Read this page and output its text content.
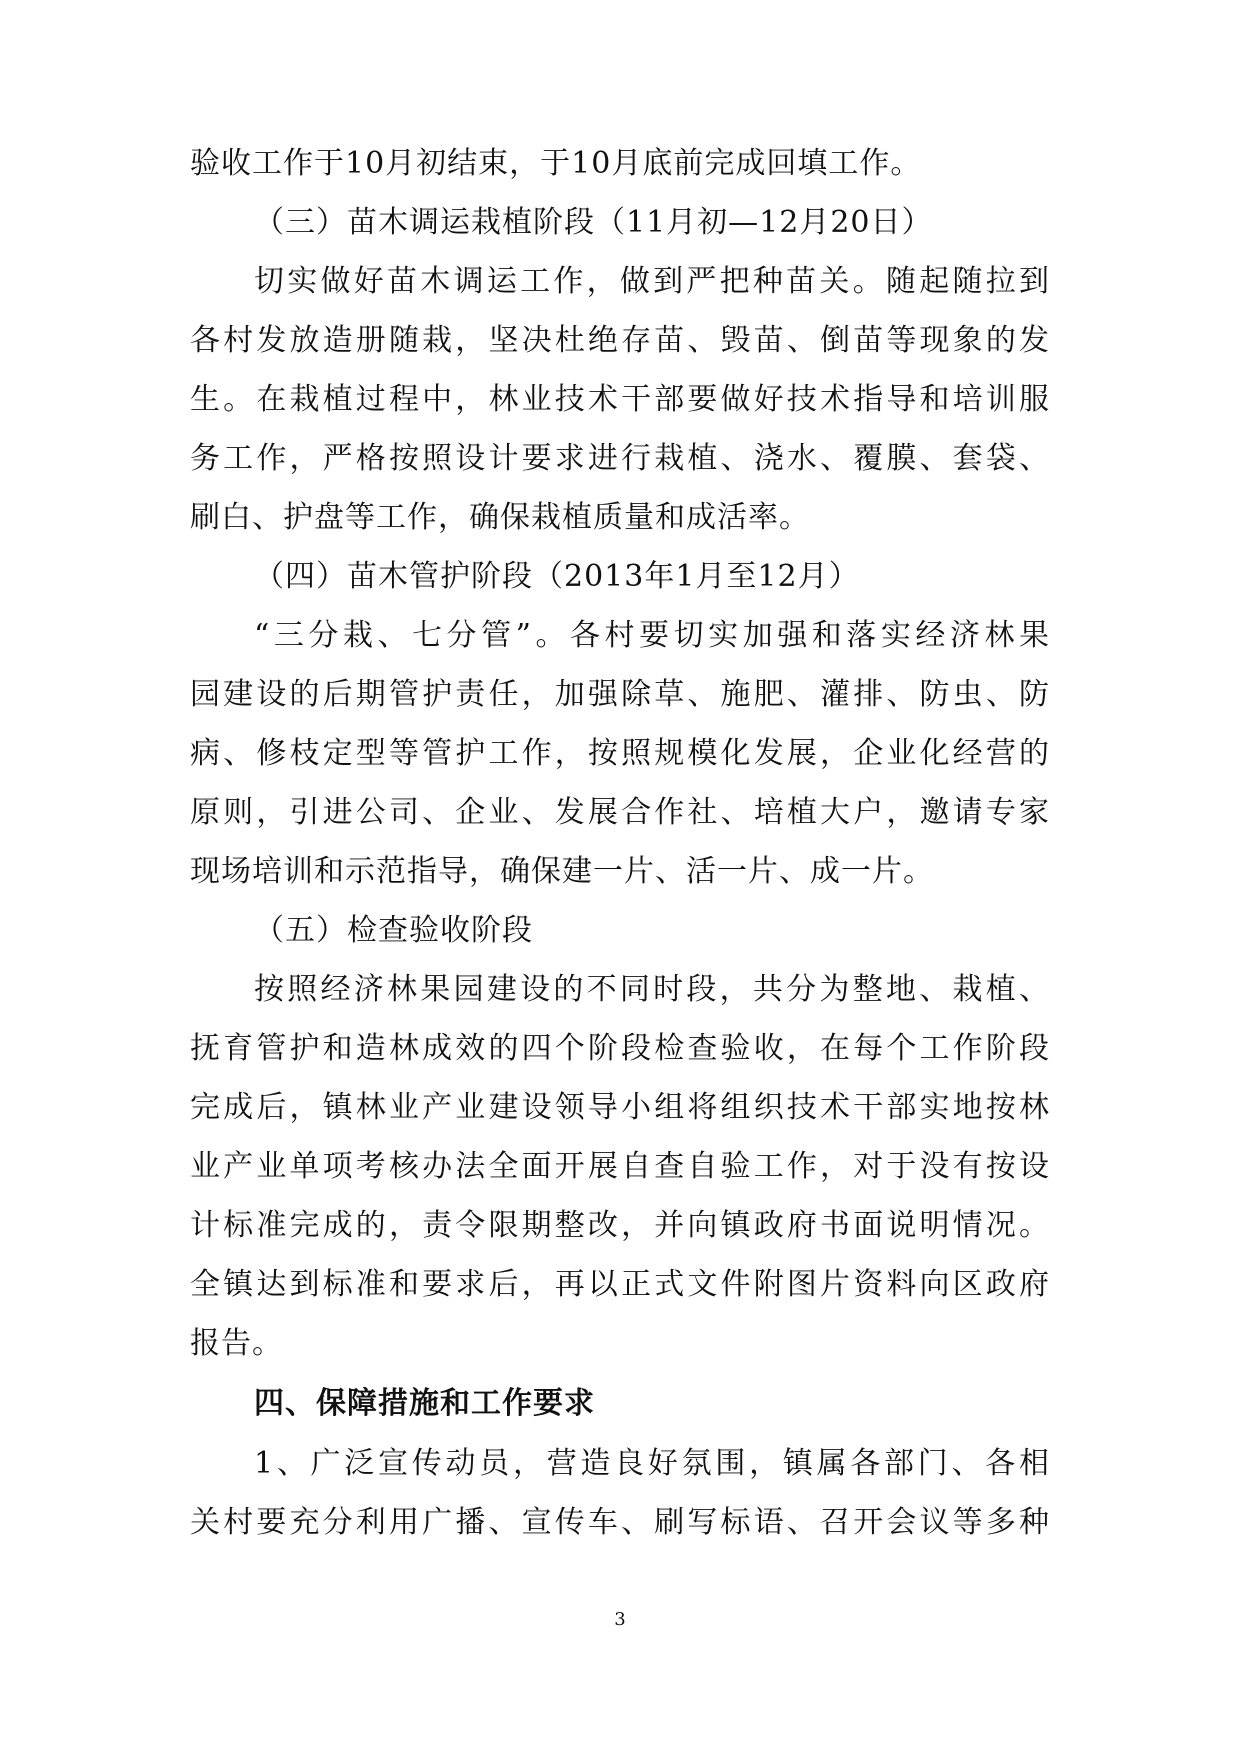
验收工作于10月初结束，于10月底前完成回填工作。
（三）苗木调运栽植阶段（11月初—12月20日）
切实做好苗木调运工作，做到严把种苗关。随起随拉到
各村发放造册随栽，坚决杜绝存苗、毁苗、倒苗等现象的发
生。在栽植过程中，林业技术干部要做好技术指导和培训服
务工作，严格按照设计要求进行栽植、浇水、覆膜、套袋、
刷白、护盘等工作，确保栽植质量和成活率。
（四）苗木管护阶段（2013年1月至12月）
“三分栽、七分管”。各村要切实加强和落实经济林果
园建设的后期管护责任，加强除草、施肥、灌排、防虫、防
病、修枝定型等管护工作，按照规模化发展，企业化经营的
原则，引进公司、企业、发展合作社、培植大户，邀请专家
现场培训和示范指导，确保建一片、活一片、成一片。
（五）检查验收阶段
按照经济林果园建设的不同时段，共分为整地、栽植、
抚育管护和造林成效的四个阶段检查验收，在每个工作阶段
完成后，镇林业产业建设领导小组将组织技术干部实地按林
业产业单项考核办法全面开展自查自验工作，对于没有按设
计标准完成的，责令限期整改，并向镇政府书面说明情况。
全镇达到标准和要求后，再以正式文件附图片资料向区政府
报告。
四、保障措施和工作要求
1、广泛宣传动员，营造良好氛围，镇属各部门、各相
关村要充分利用广播、宣传车、刷写标语、召开会议等多种
3
